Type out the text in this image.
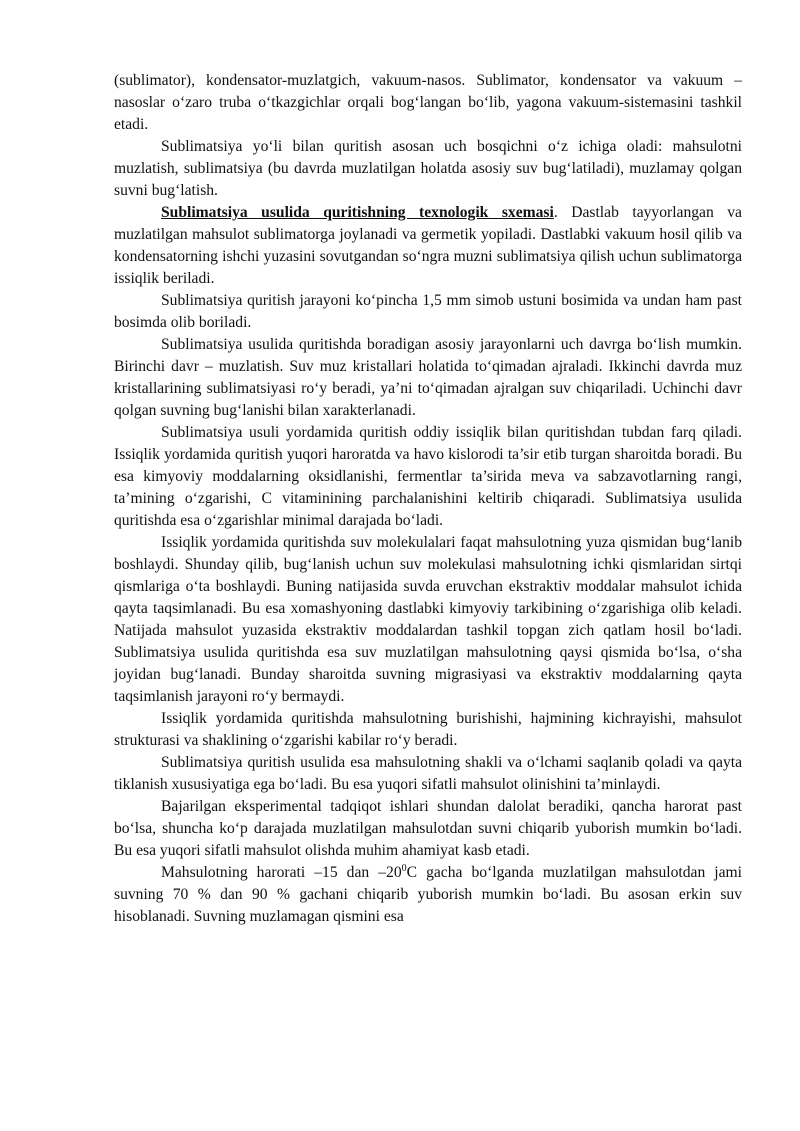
(sublimator), kondensator-muzlatgich, vakuum-nasos. Sublimator, kondensator va vakuum – nasoslar o‘zaro truba o‘tkazgichlar orqali bog‘langan bo‘lib, yagona vakuum-sistemasini tashkil etadi.

Sublimatsiya yo‘li bilan quritish asosan uch bosqichni o‘z ichiga oladi: mahsulotni muzlatish, sublimatsiya (bu davrda muzlatilgan holatda asosiy suv bug‘latiladi), muzlamay qolgan suvni bug‘latish.

Sublimatsiya usulida quritishning texnologik sxemasi. Dastlab tayyorlangan va muzlatilgan mahsulot sublimatorga joylanadi va germetik yopiladi. Dastlabki vakuum hosil qilib va kondensatorning ishchi yuzasini sovutgandan so‘ngra muzni sublimatsiya qilish uchun sublimatorga issiqlik beriladi.

Sublimatsiya quritish jarayoni ko‘pincha 1,5 mm simob ustuni bosimida va undan ham past bosimda olib boriladi.

Sublimatsiya usulida quritishda boradigan asosiy jarayonlarni uch davrga bo‘lish mumkin. Birinchi davr – muzlatish. Suv muz kristallari holatida to‘qimadan ajraladi. Ikkinchi davrda muz kristallarining sublimatsiyasi ro‘y beradi, ya’ni to‘qimadan ajralgan suv chiqariladi. Uchinchi davr qolgan suvning bug‘lanishi bilan xarakterlanadi.

Sublimatsiya usuli yordamida quritish oddiy issiqlik bilan quritishdan tubdan farq qiladi. Issiqlik yordamida quritish yuqori haroratda va havo kislorodi ta’sir etib turgan sharoitda boradi. Bu esa kimyoviy moddalarning oksidlanishi, fermentlar ta’sirida meva va sabzavotlarning rangi, ta’mining o‘zgarishi, C vitaminining parchalanishini keltirib chiqaradi. Sublimatsiya usulida quritishda esa o‘zgarishlar minimal darajada bo‘ladi.

Issiqlik yordamida quritishda suv molekulalari faqat mahsulotning yuza qismidan bug‘lanib boshlaydi. Shunday qilib, bug‘lanish uchun suv molekulasi mahsulotning ichki qismlaridan sirtqi qismlariga o‘ta boshlaydi. Buning natijasida suvda eruvchan ekstraktiv moddalar mahsulot ichida qayta taqsimlanadi. Bu esa xomashyoning dastlabki kimyoviy tarkibining o‘zgarishiga olib keladi. Natijada mahsulot yuzasida ekstraktiv moddalardan tashkil topgan zich qatlam hosil bo‘ladi. Sublimatsiya usulida quritishda esa suv muzlatilgan mahsulotning qaysi qismida bo‘lsa, o‘sha joyidan bug‘lanadi. Bunday sharoitda suvning migrasiyasi va ekstraktiv moddalarning qayta taqsimlanish jarayoni ro‘y bermaydi.

Issiqlik yordamida quritishda mahsulotning burishishi, hajmining kichrayishi, mahsulot strukturasi va shaklining o‘zgarishi kabilar ro‘y beradi.

Sublimatsiya quritish usulida esa mahsulotning shakli va o‘lchami saqlanib qoladi va qayta tiklanish xususiyatiga ega bo‘ladi. Bu esa yuqori sifatli mahsulot olinishini ta’minlaydi.

Bajarilgan eksperimental tadqiqot ishlari shundan dalolat beradiki, qancha harorat past bo‘lsa, shuncha ko‘p darajada muzlatilgan mahsulotdan suvni chiqarib yuborish mumkin bo‘ladi. Bu esa yuqori sifatli mahsulot olishda muhim ahamiyat kasb etadi.

Mahsulotning harorati –15 dan $-20^0C$ gacha bo‘lganda muzlatilgan mahsulotdan jami suvning 70 % dan 90 % gachani chiqarib yuborish mumkin bo‘ladi. Bu asosan erkin suv hisoblanadi. Suvning muzlamagan qismini esa
